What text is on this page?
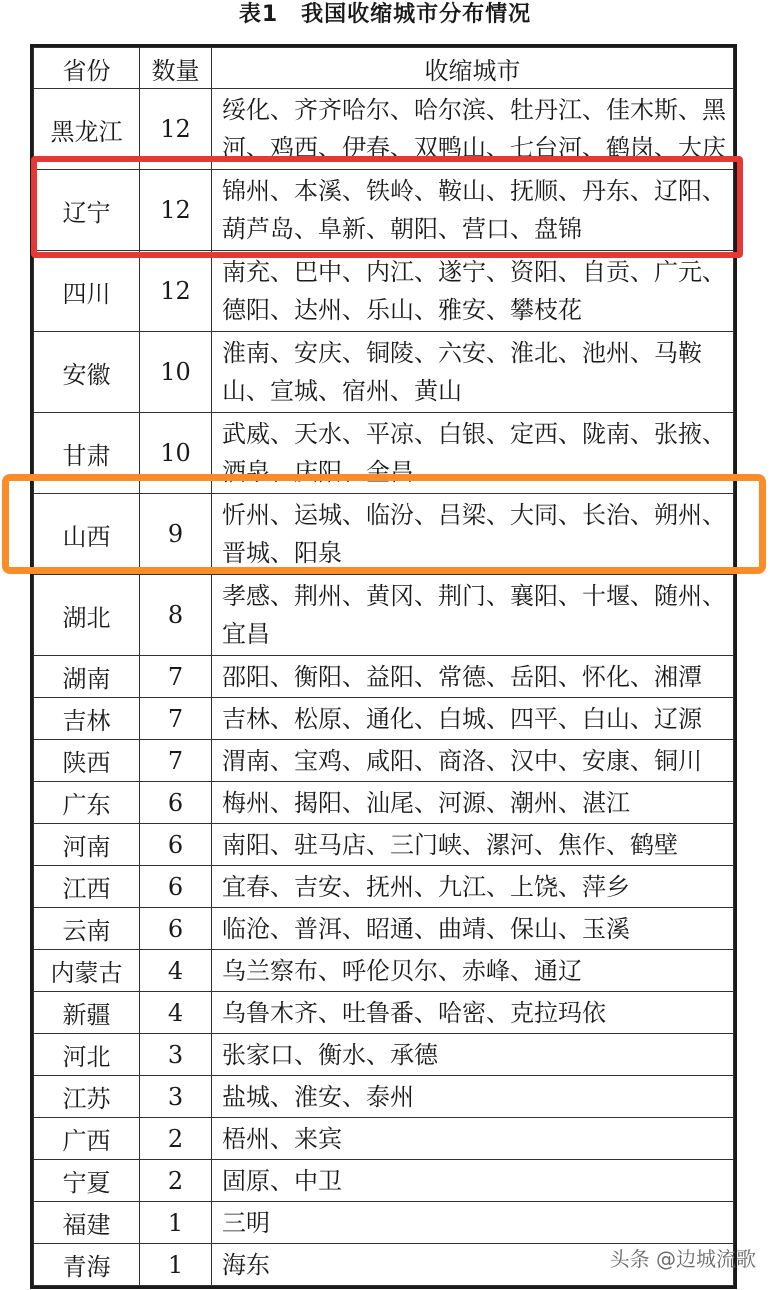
表1　我国收缩城市分布情况
省份	数量	收缩城市
黑龙江	12	绥化、齐齐哈尔、哈尔滨、牡丹江、佳木斯、黑河、鸡西、伊春、双鸭山、七台河、鹤岗、大庆

辽宁	12	锦州、本溪、铁岭、鞍山、抚顺、丹东、辽阳、葫芦岛、阜新、朝阳、营口、盘锦

四川	12	南充、巴中、内江、遂宁、资阳、自贡、广元、德阳、达州、乐山、雅安、攀枝花

安徽	10	淮南、安庆、铜陵、六安、淮北、池州、马鞍山、宣城、宿州、黄山

甘肃	10	武威、天水、平凉、白银、定西、陇南、张掖、酒泉、庆阳、金昌

山西	9	忻州、运城、临汾、吕梁、大同、长治、朔州、晋城、阳泉

湖北	8	孝感、荆州、黄冈、荆门、襄阳、十堰、随州、宜昌

湖南	7	邵阳、衡阳、益阳、常德、岳阳、怀化、湘潭
吉林	7	吉林、松原、通化、白城、四平、白山、辽源
陕西	7	渭南、宝鸡、咸阳、商洛、汉中、安康、铜川
广东	6	梅州、揭阳、汕尾、河源、潮州、湛江
河南	6	南阳、驻马店、三门峡、漯河、焦作、鹤壁
江西	6	宜春、吉安、抚州、九江、上饶、萍乡
云南	6	临沧、普洱、昭通、曲靖、保山、玉溪
内蒙古	4	乌兰察布、呼伦贝尔、赤峰、通辽
新疆	4	乌鲁木齐、吐鲁番、哈密、克拉玛依
河北	3	张家口、衡水、承德
江苏	3	盐城、淮安、泰州
广西	2	梧州、来宾
宁夏	2	固原、中卫
福建	1	三明
青海	1	海东	头条 @边城流歌
